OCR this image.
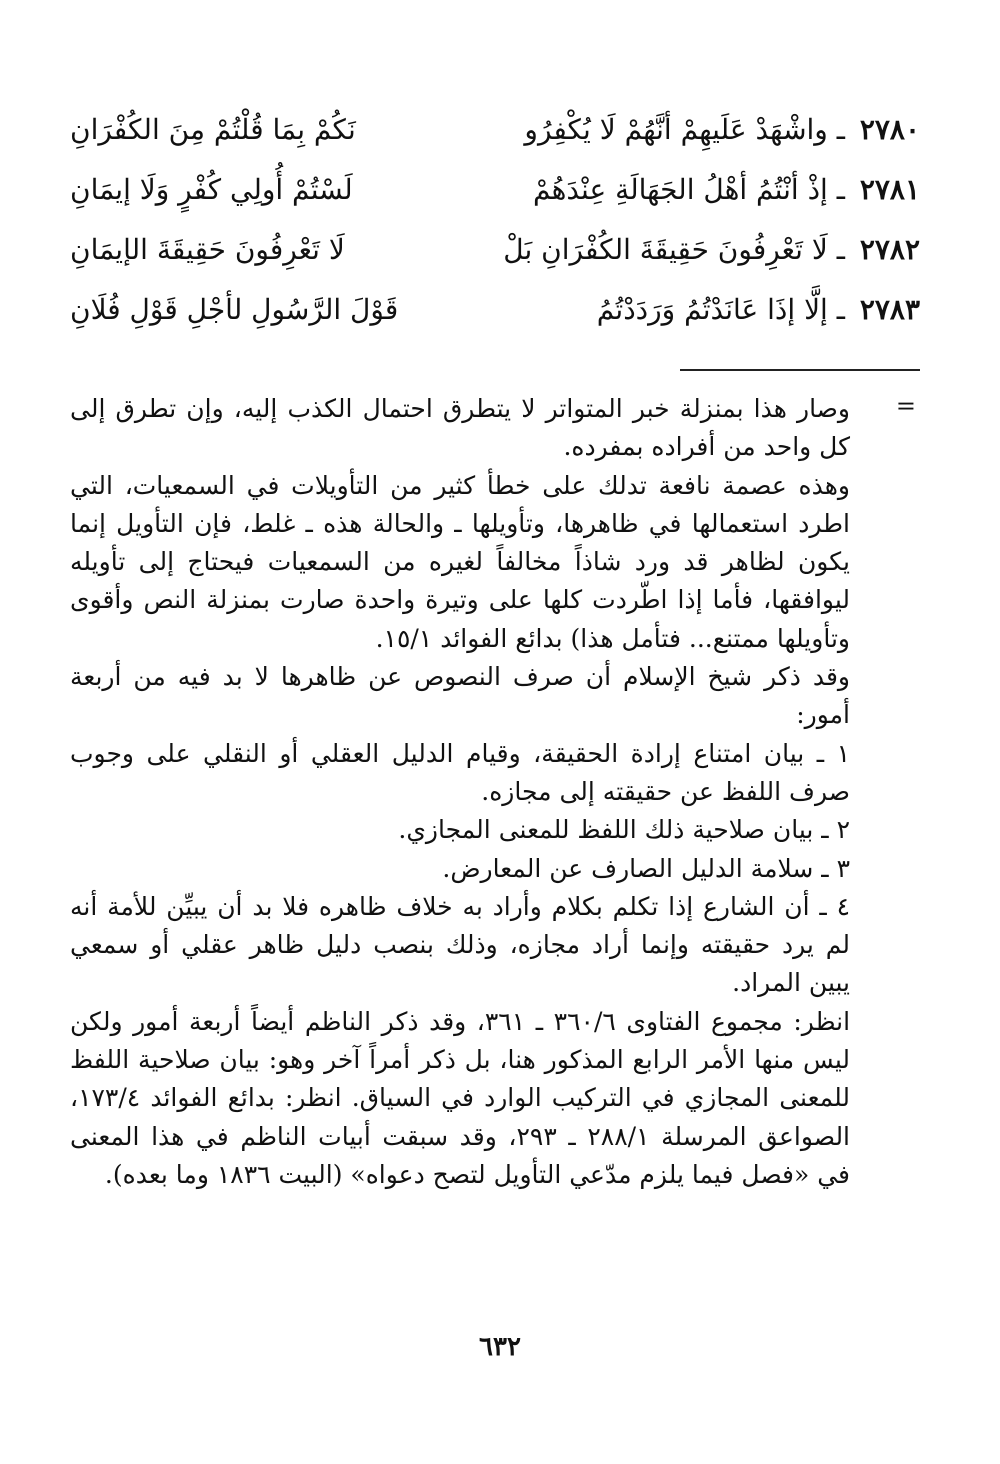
٢٧٨٠ ـ واشْهَدْ عَلَيهِمْ أنَّهُمْ لَا يُكْفِرُو
نَكُمْ بِمَا قُلْتُمْ مِنَ الكُفْرَانِ
٢٧٨١ ـ إذْ أنْتُمُ أهْلُ الجَهَالَةِ عِنْدَهُمْ
لَسْتُمْ أُولِي كُفْرٍ وَلَا إيمَانِ
٢٧٨٢ ـ لَا تَعْرِفُونَ حَقِيقَةَ الكُفْرَانِ بَلْ
لَا تَعْرِفُونَ حَقِيقَةَ الإيمَانِ
٢٧٨٣ ـ إلَّا إذَا عَانَدْتُمُ وَرَدَدْتُمُ
قَوْلَ الرَّسُولِ لأجْلِ قَوْلِ فُلَانِ
=

وصار هذا بمنزلة خبر المتواتر لا يتطرق احتمال الكذب إليه، وإن تطرق إلى كل واحد من أفراده بمفرده.

وهذه عصمة نافعة تدلك على خطأ كثير من التأويلات في السمعيات، التي اطرد استعمالها في ظاهرها، وتأويلها ـ والحالة هذه ـ غلط، فإن التأويل إنما يكون لظاهر قد ورد شاذاً مخالفاً لغيره من السمعيات فيحتاج إلى تأويله ليوافقها، فأما إذا اطّردت كلها على وتيرة واحدة صارت بمنزلة النص وأقوى وتأويلها ممتنع... فتأمل هذا) بدائع الفوائد ١٥/١.

وقد ذكر شيخ الإسلام أن صرف النصوص عن ظاهرها لا بد فيه من أربعة أمور:

١ ـ بيان امتناع إرادة الحقيقة، وقيام الدليل العقلي أو النقلي على وجوب صرف اللفظ عن حقيقته إلى مجازه.

٢ ـ بيان صلاحية ذلك اللفظ للمعنى المجازي.

٣ ـ سلامة الدليل الصارف عن المعارض.

٤ ـ أن الشارع إذا تكلم بكلام وأراد به خلاف ظاهره فلا بد أن يبيِّن للأمة أنه لم يرد حقيقته وإنما أراد مجازه، وذلك بنصب دليل ظاهر عقلي أو سمعي يبين المراد.

انظر: مجموع الفتاوى ٣٦٠/٦ ـ ٣٦١، وقد ذكر الناظم أيضاً أربعة أمور ولكن ليس منها الأمر الرابع المذكور هنا، بل ذكر أمراً آخر وهو: بيان صلاحية اللفظ للمعنى المجازي في التركيب الوارد في السياق. انظر: بدائع الفوائد ١٧٣/٤، الصواعق المرسلة ٢٨٨/١ ـ ٢٩٣، وقد سبقت أبيات الناظم في هذا المعنى في «فصل فيما يلزم مدّعي التأويل لتصح دعواه» (البيت ١٨٣٦ وما بعده).

٦٣٢
